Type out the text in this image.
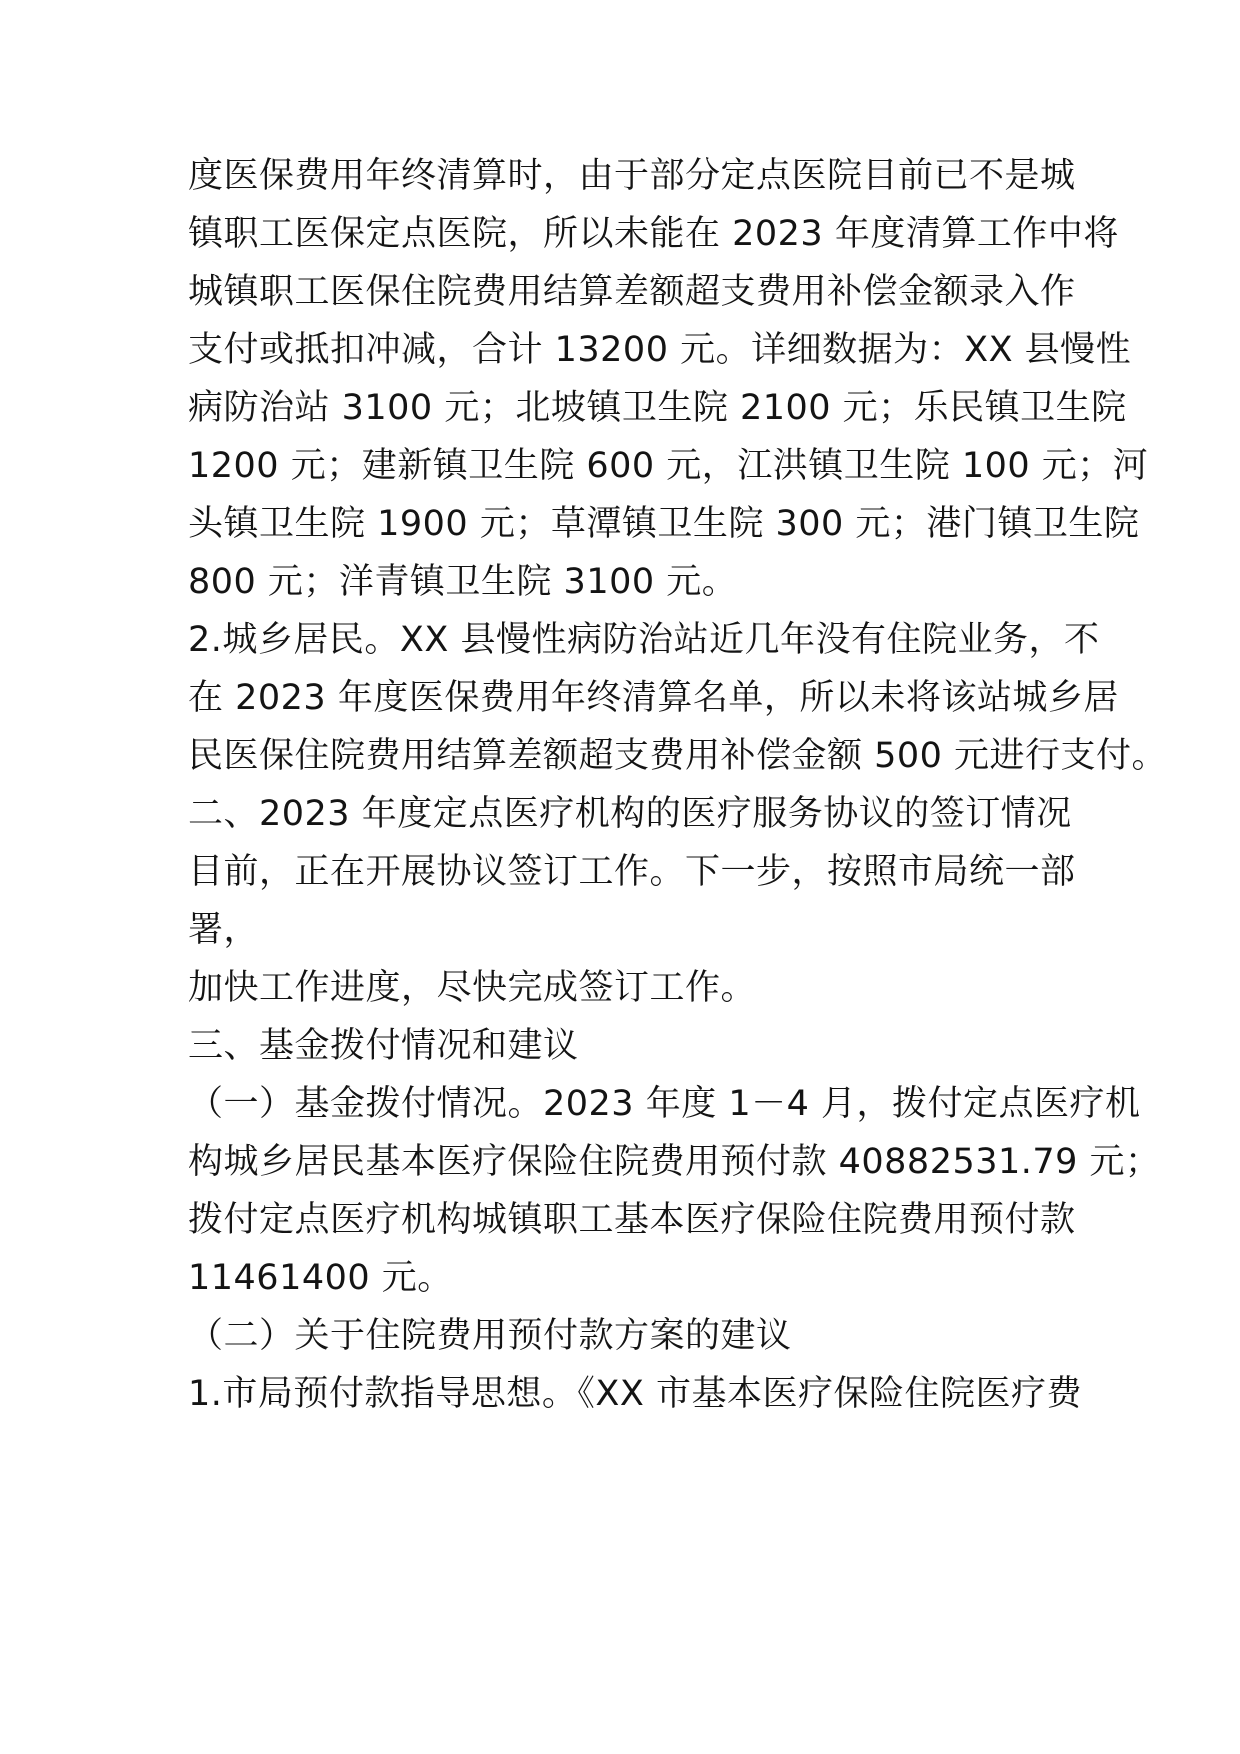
度医保费用年终清算时，由于部分定点医院目前已不是城
镇职工医保定点医院，所以未能在 2023 年度清算工作中将
城镇职工医保住院费用结算差额超支费用补偿金额录入作
支付或抵扣冲减，合计 13200 元。详细数据为：XX 县慢性
病防治站 3100 元；北坡镇卫生院 2100 元；乐民镇卫生院
1200 元；建新镇卫生院 600 元，江洪镇卫生院 100 元；河
头镇卫生院 1900 元；草潭镇卫生院 300 元；港门镇卫生院
800 元；洋青镇卫生院 3100 元。
2.城乡居民。XX 县慢性病防治站近几年没有住院业务，不
在 2023 年度医保费用年终清算名单，所以未将该站城乡居
民医保住院费用结算差额超支费用补偿金额 500 元进行支付。
二、2023 年度定点医疗机构的医疗服务协议的签订情况
目前，正在开展协议签订工作。下一步，按照市局统一部
署，
加快工作进度，尽快完成签订工作。
三、基金拨付情况和建议
（一）基金拨付情况。2023 年度 1－4 月，拨付定点医疗机
构城乡居民基本医疗保险住院费用预付款 40882531.79 元；
拨付定点医疗机构城镇职工基本医疗保险住院费用预付款
11461400 元。
（二）关于住院费用预付款方案的建议
1.市局预付款指导思想。《XX 市基本医疗保险住院医疗费
